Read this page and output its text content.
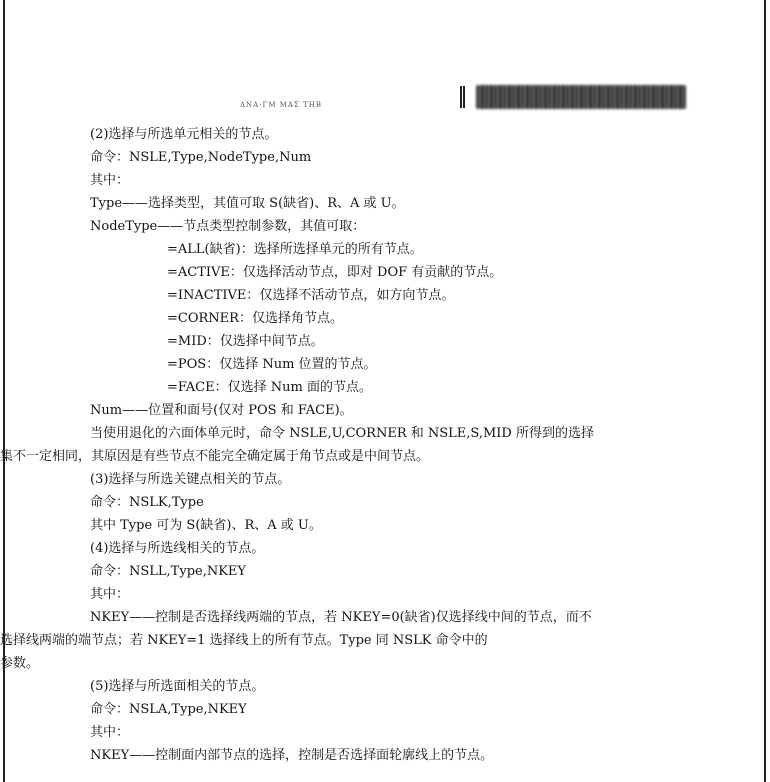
ΔΝΑ·ΓΜ ΜΑΣ ΤΗΒ
(2)选择与所选单元相关的节点。
命令：NSLE,Type,NodeType,Num
其中：
Type——选择类型，其值可取 S(缺省)、R、A 或 U。
NodeType——节点类型控制参数，其值可取：
=ALL(缺省)：选择所选择单元的所有节点。
=ACTIVE：仅选择活动节点，即对 DOF 有贡献的节点。
=INACTIVE：仅选择不活动节点，如方向节点。
=CORNER：仅选择角节点。
=MID：仅选择中间节点。
=POS：仅选择 Num 位置的节点。
=FACE：仅选择 Num 面的节点。
Num——位置和面号(仅对 POS 和 FACE)。
当使用退化的六面体单元时，命令 NSLE,U,CORNER 和 NSLE,S,MID 所得到的选择
集不一定相同，其原因是有些节点不能完全确定属于角节点或是中间节点。
(3)选择与所选关键点相关的节点。
命令：NSLK,Type
其中 Type 可为 S(缺省)、R、A 或 U。
(4)选择与所选线相关的节点。
命令：NSLL,Type,NKEY
其中：
NKEY——控制是否选择线两端的节点，若 NKEY=0(缺省)仅选择线中间的节点，而不
选择线两端的端节点；若 NKEY=1 选择线上的所有节点。Type 同 NSLK 命令中的
参数。
(5)选择与所选面相关的节点。
命令：NSLA,Type,NKEY
其中：
NKEY——控制面内部节点的选择，控制是否选择面轮廓线上的节点。
